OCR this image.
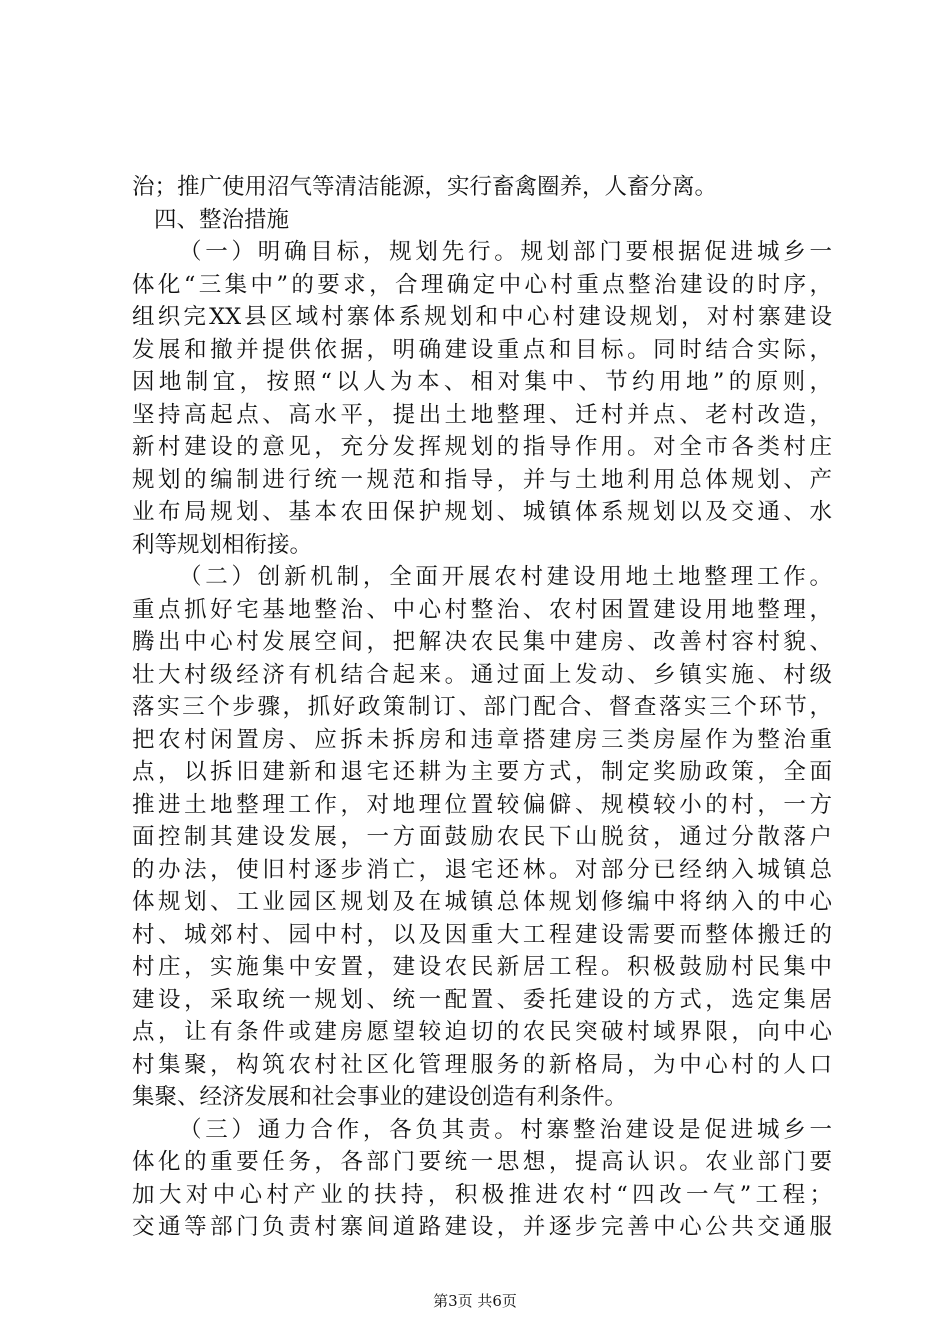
治；推广使用沼气等清洁能源，实行畜禽圈养，人畜分离。
四、整治措施
（一）明确目标，规划先行。规划部门要根据促进城乡一
体化“三集中”的要求，合理确定中心村重点整治建设的时序，
组织完XX县区域村寨体系规划和中心村建设规划，对村寨建设
发展和撤并提供依据，明确建设重点和目标。同时结合实际，
因地制宜，按照“以人为本、相对集中、节约用地”的原则，
坚持高起点、高水平，提出土地整理、迁村并点、老村改造，
新村建设的意见，充分发挥规划的指导作用。对全市各类村庄
规划的编制进行统一规范和指导，并与土地利用总体规划、产
业布局规划、基本农田保护规划、城镇体系规划以及交通、水
利等规划相衔接。
（二）创新机制，全面开展农村建设用地土地整理工作。
重点抓好宅基地整治、中心村整治、农村困置建设用地整理，
腾出中心村发展空间，把解决农民集中建房、改善村容村貌、
壮大村级经济有机结合起来。通过面上发动、乡镇实施、村级
落实三个步骤，抓好政策制订、部门配合、督查落实三个环节，
把农村闲置房、应拆未拆房和违章搭建房三类房屋作为整治重
点，以拆旧建新和退宅还耕为主要方式，制定奖励政策，全面
推进土地整理工作，对地理位置较偏僻、规模较小的村，一方
面控制其建设发展，一方面鼓励农民下山脱贫，通过分散落户
的办法，使旧村逐步消亡，退宅还林。对部分已经纳入城镇总
体规划、工业园区规划及在城镇总体规划修编中将纳入的中心
村、城郊村、园中村，以及因重大工程建设需要而整体搬迁的
村庄，实施集中安置，建设农民新居工程。积极鼓励村民集中
建设，采取统一规划、统一配置、委托建设的方式，选定集居
点，让有条件或建房愿望较迫切的农民突破村域界限，向中心
村集聚，构筑农村社区化管理服务的新格局，为中心村的人口
集聚、经济发展和社会事业的建设创造有利条件。
（三）通力合作，各负其责。村寨整治建设是促进城乡一
体化的重要任务，各部门要统一思想，提高认识。农业部门要
加大对中心村产业的扶持，积极推进农村“四改一气”工程；
交通等部门负责村寨间道路建设，并逐步完善中心公共交通服
第3页 共6页
